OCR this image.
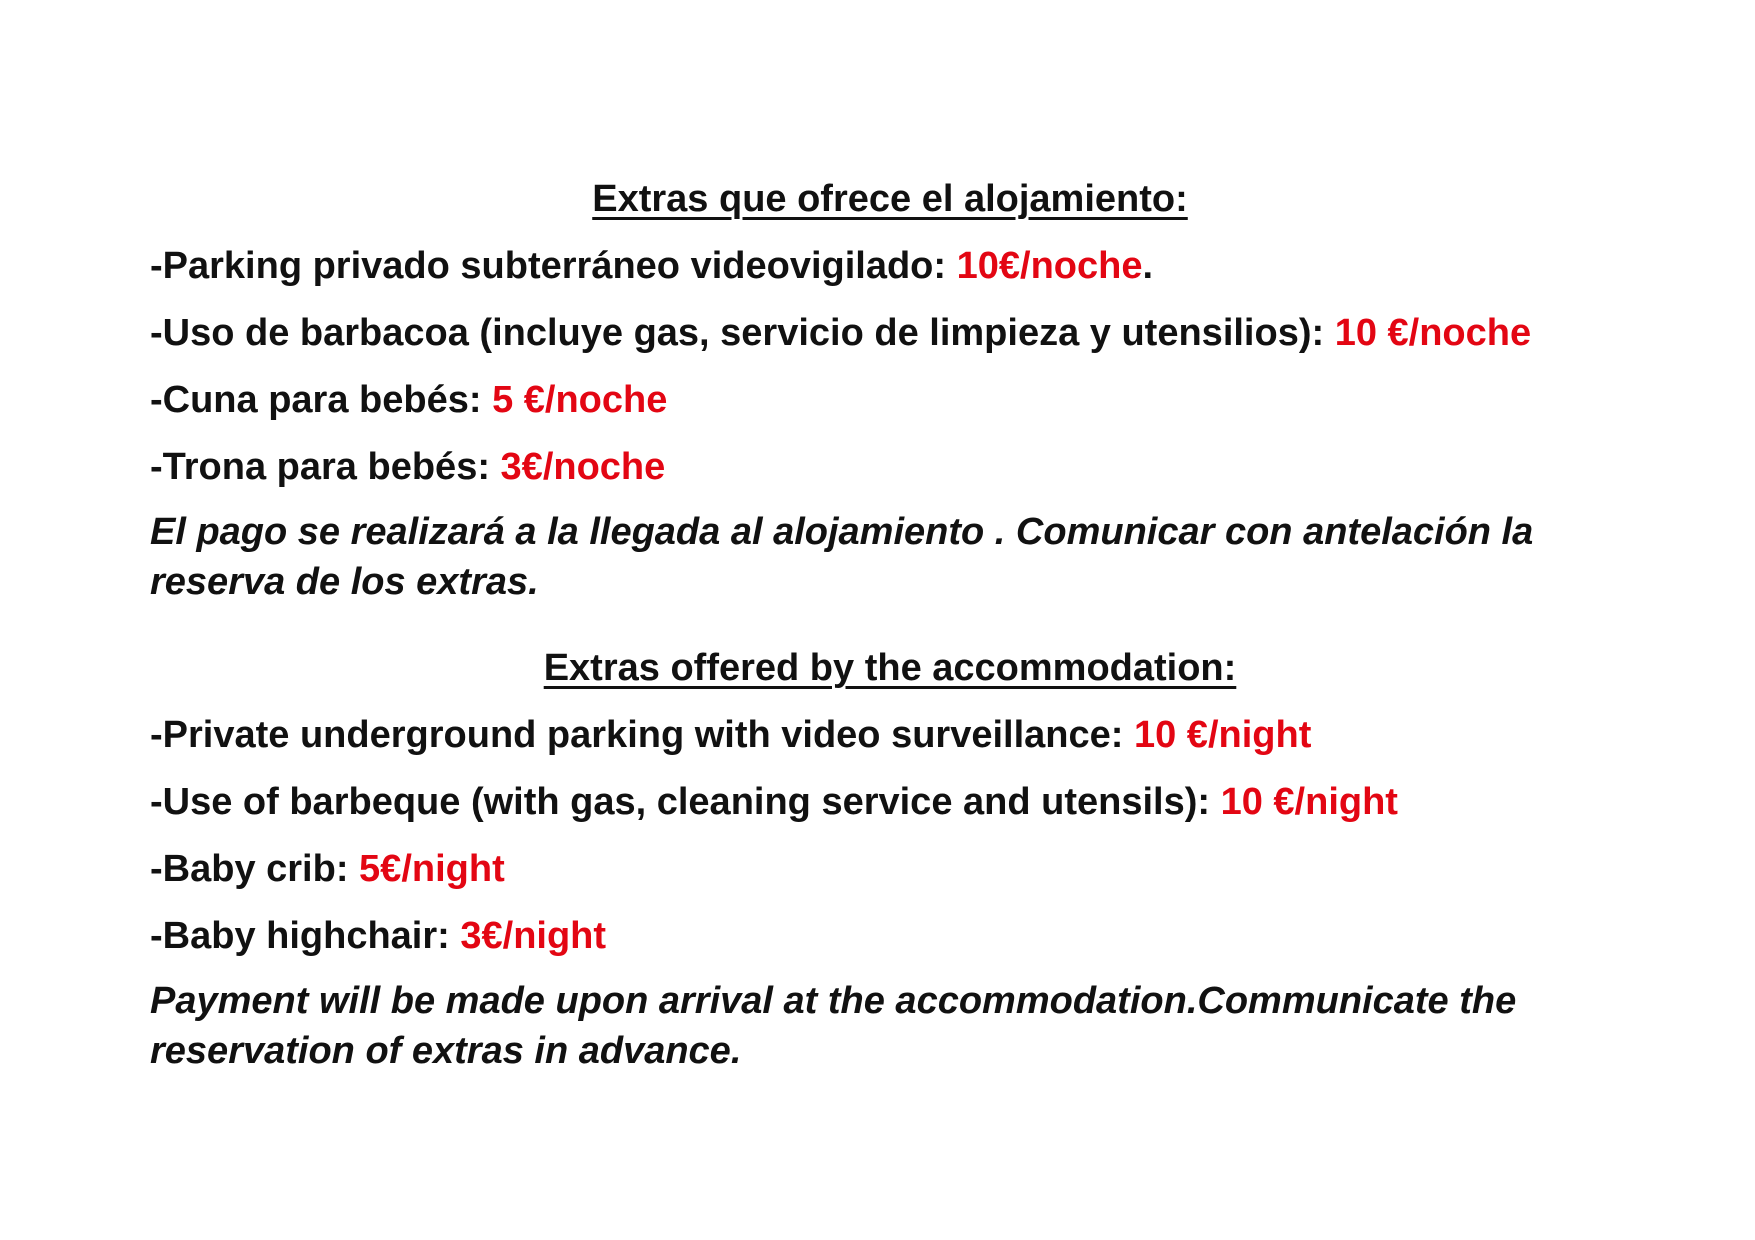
Extras que ofrece el alojamiento:
-Parking privado subterráneo videovigilado: 10€/noche.
-Uso de barbacoa (incluye gas, servicio de limpieza y utensilios): 10 €/noche
-Cuna para bebés: 5 €/noche
-Trona para bebés: 3€/noche

El pago se realizará a la llegada al alojamiento . Comunicar con antelación la reserva de los extras.

Extras offered by the accommodation:
-Private underground parking with video surveillance: 10 €/night
-Use of barbeque (with gas, cleaning service and utensils): 10 €/night
-Baby crib: 5€/night
-Baby highchair: 3€/night

Payment will be made upon arrival at the accommodation.Communicate the reservation of extras in advance.
